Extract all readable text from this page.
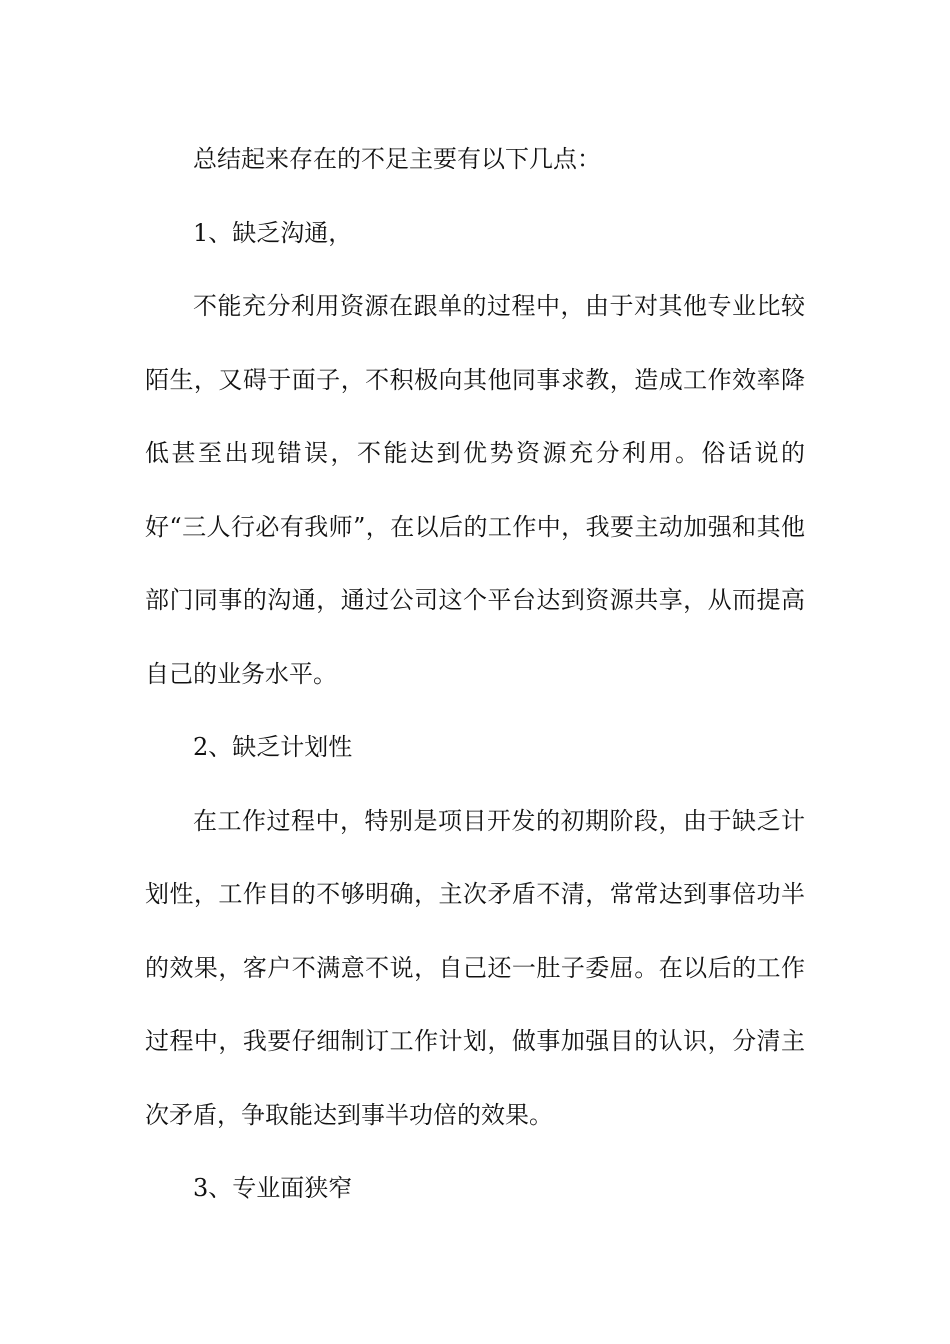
总结起来存在的不足主要有以下几点：

1、缺乏沟通，

不能充分利用资源在跟单的过程中，由于对其他专业比较陌生，又碍于面子，不积极向其他同事求教，造成工作效率降低甚至出现错误，不能达到优势资源充分利用。俗话说的好“三人行必有我师”，在以后的工作中，我要主动加强和其他部门同事的沟通，通过公司这个平台达到资源共享，从而提高自己的业务水平。

2、缺乏计划性

在工作过程中，特别是项目开发的初期阶段，由于缺乏计划性，工作目的不够明确，主次矛盾不清，常常达到事倍功半的效果，客户不满意不说，自己还一肚子委屈。在以后的工作过程中，我要仔细制订工作计划，做事加强目的认识，分清主次矛盾，争取能达到事半功倍的效果。

3、专业面狭窄
